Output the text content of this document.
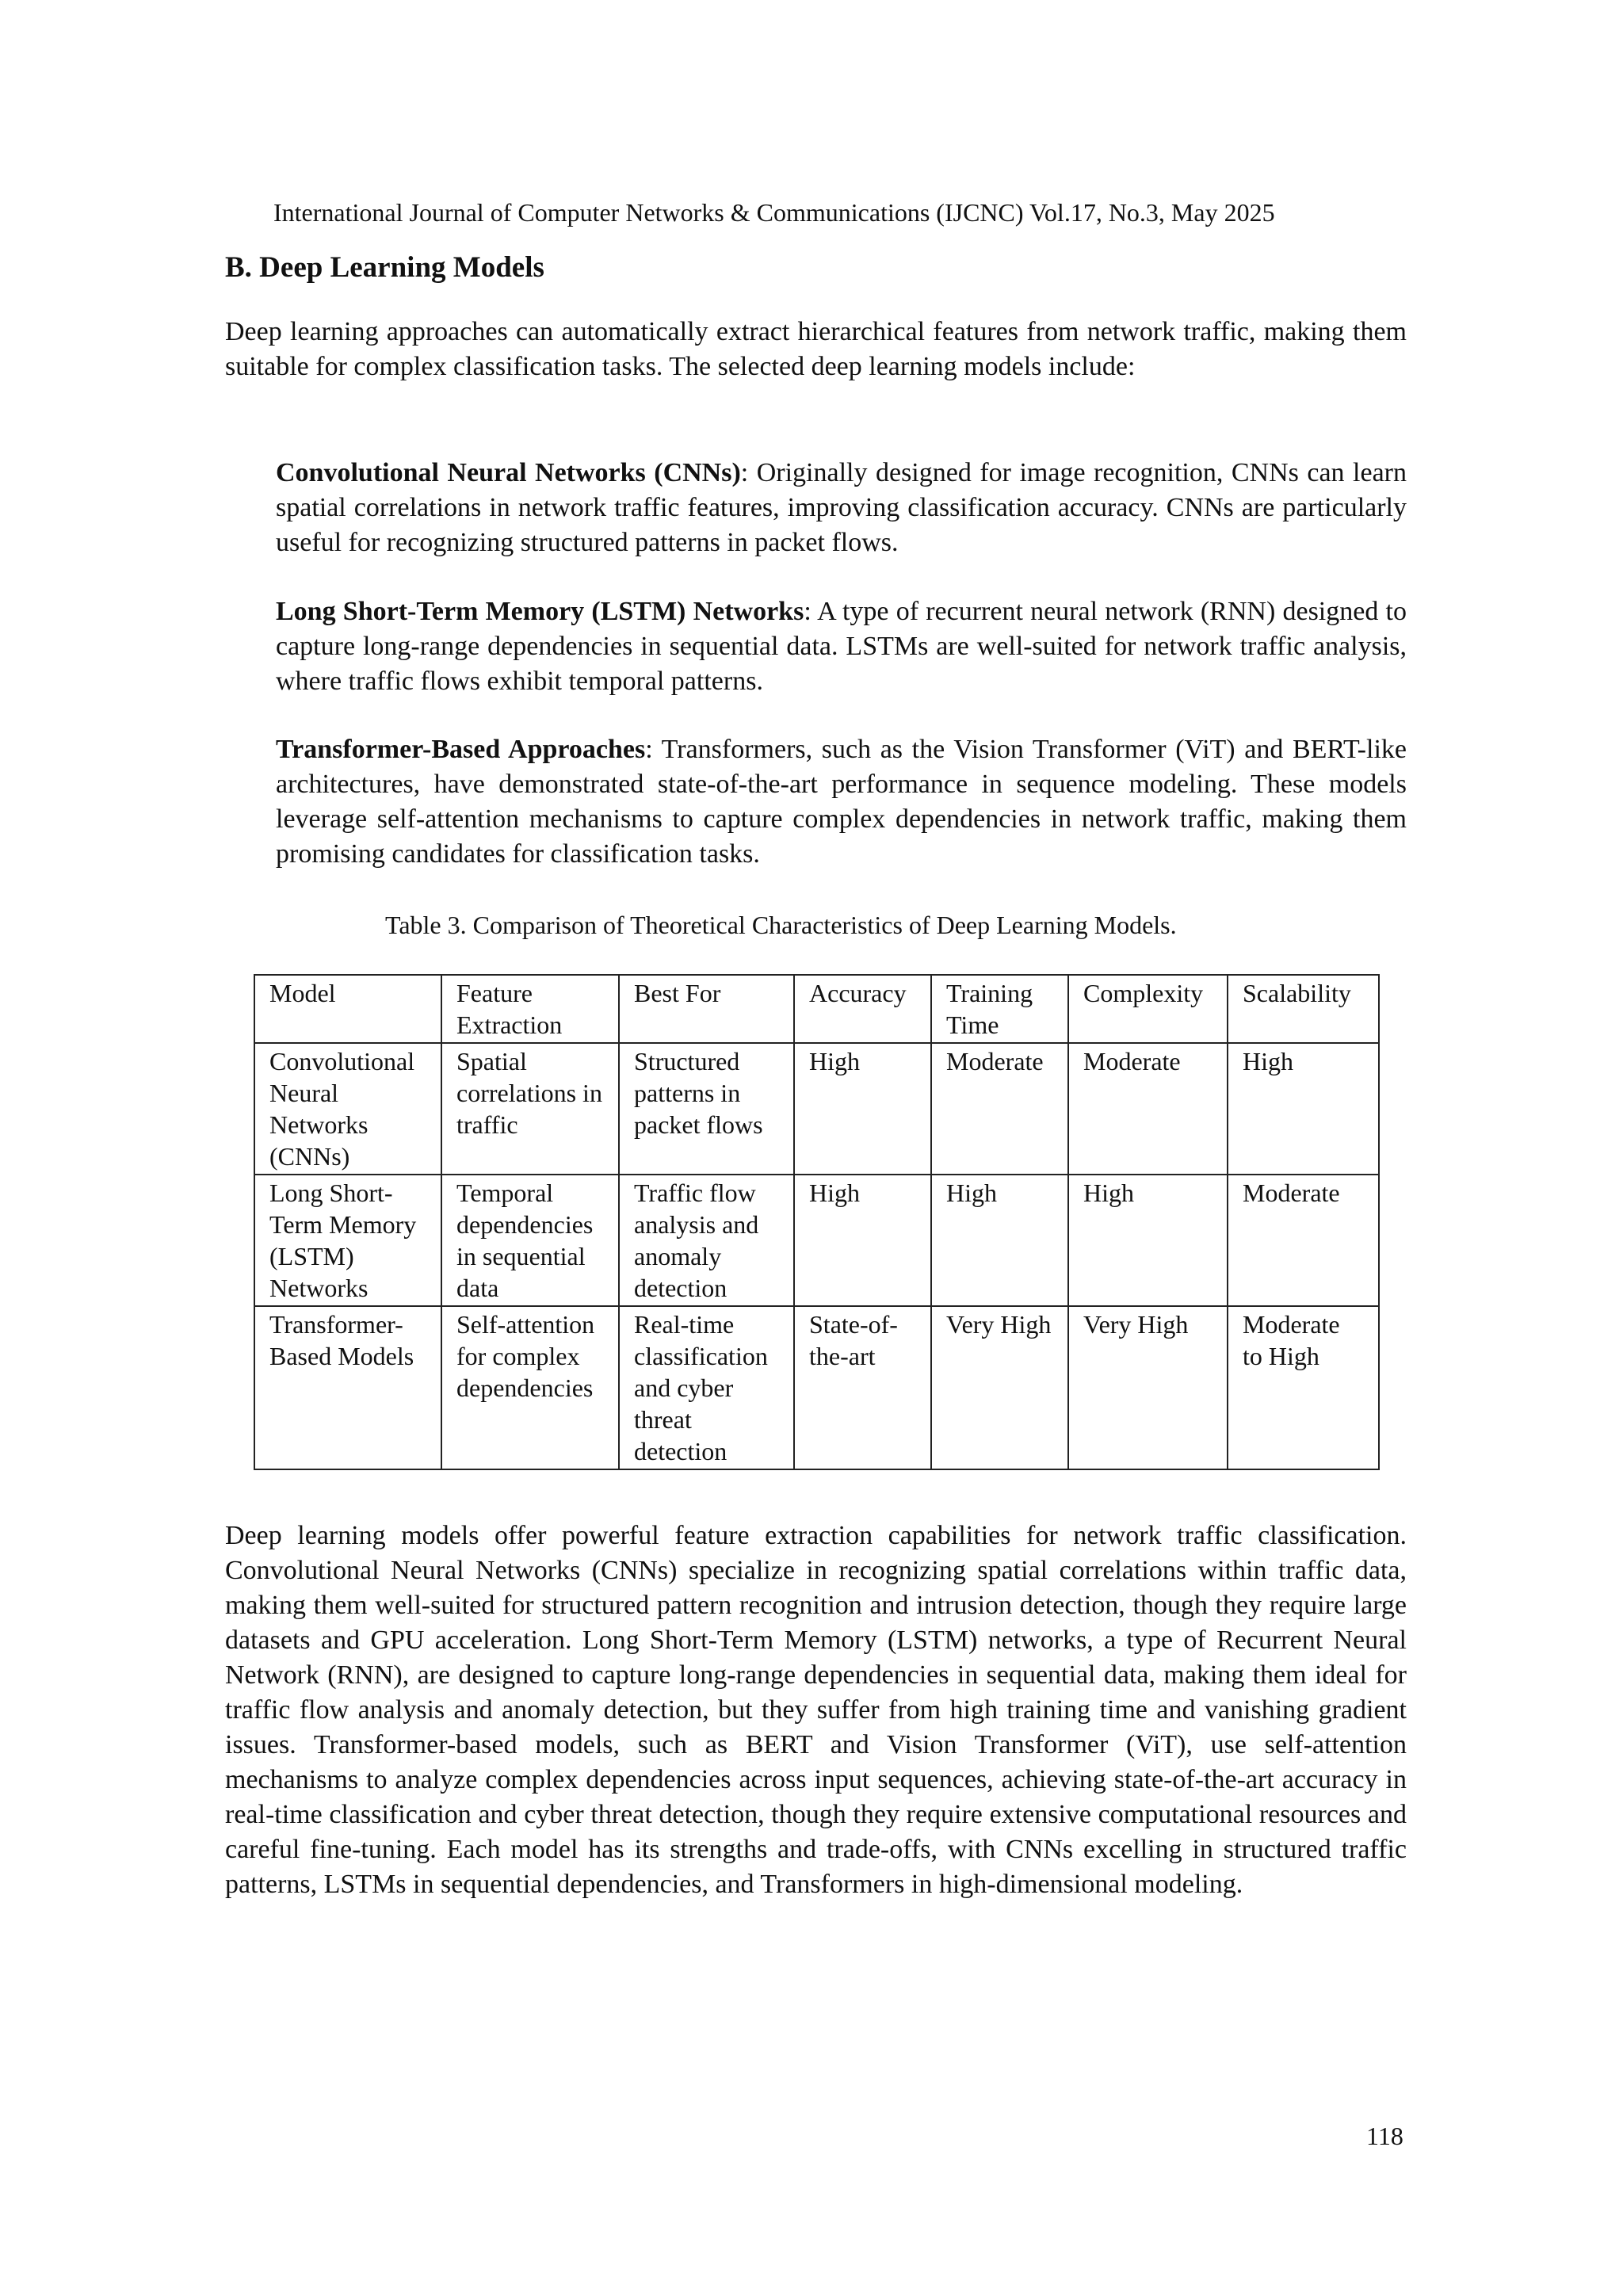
International Journal of Computer Networks & Communications (IJCNC) Vol.17, No.3, May 2025
B. Deep Learning Models

Deep learning approaches can automatically extract hierarchical features from network traffic, making them suitable for complex classification tasks. The selected deep learning models include:

Convolutional Neural Networks (CNNs): Originally designed for image recognition, CNNs can learn spatial correlations in network traffic features, improving classification accuracy. CNNs are particularly useful for recognizing structured patterns in packet flows.

Long Short-Term Memory (LSTM) Networks: A type of recurrent neural network (RNN) designed to capture long-range dependencies in sequential data. LSTMs are well-suited for network traffic analysis, where traffic flows exhibit temporal patterns.

Transformer-Based Approaches: Transformers, such as the Vision Transformer (ViT) and BERT-like architectures, have demonstrated state-of-the-art performance in sequence modeling. These models leverage self-attention mechanisms to capture complex dependencies in network traffic, making them promising candidates for classification tasks.

Table 3. Comparison of Theoretical Characteristics of Deep Learning Models.
Model	Feature Extraction	Best For	Accuracy	Training Time	Complexity	Scalability
Convolutional Neural Networks (CNNs)	Spatial correlations in traffic	Structured patterns in packet flows	High	Moderate	Moderate	High
Long Short-Term Memory (LSTM) Networks	Temporal dependencies in sequential data	Traffic flow analysis and anomaly detection	High	High	High	Moderate
Transformer-Based Models	Self-attention for complex dependencies	Real-time classification and cyber threat detection	State-of-the-art	Very High	Very High	Moderate to High

Deep learning models offer powerful feature extraction capabilities for network traffic classification. Convolutional Neural Networks (CNNs) specialize in recognizing spatial correlations within traffic data, making them well-suited for structured pattern recognition and intrusion detection, though they require large datasets and GPU acceleration. Long Short-Term Memory (LSTM) networks, a type of Recurrent Neural Network (RNN), are designed to capture long-range dependencies in sequential data, making them ideal for traffic flow analysis and anomaly detection, but they suffer from high training time and vanishing gradient issues. Transformer-based models, such as BERT and Vision Transformer (ViT), use self-attention mechanisms to analyze complex dependencies across input sequences, achieving state-of-the-art accuracy in real-time classification and cyber threat detection, though they require extensive computational resources and careful fine-tuning. Each model has its strengths and trade-offs, with CNNs excelling in structured traffic patterns, LSTMs in sequential dependencies, and Transformers in high-dimensional modeling.

118
